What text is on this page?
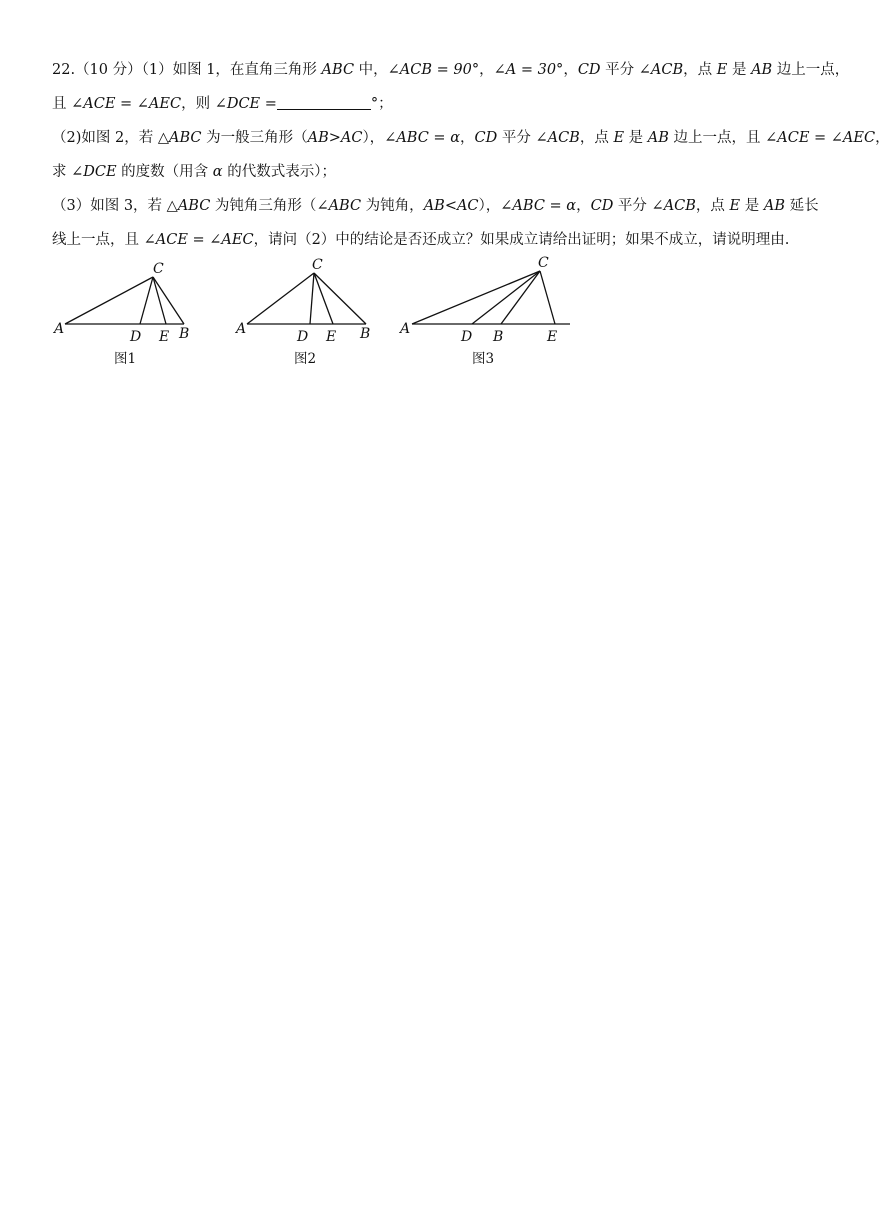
22.（10 分）（1）如图 1，在直角三角形 ABC 中，∠ACB = 90°，∠A = 30°，CD 平分 ∠ACB，点 E 是 AB 边上一点，
且 ∠ACE = ∠AEC，则 ∠DCE =	°；
（2)如图 2，若 △ABC 为一般三角形（AB>AC），∠ABC = α，CD 平分 ∠ACB，点 E 是 AB 边上一点，且 ∠ACE = ∠AEC，
求 ∠DCE 的度数（用含 α 的代数式表示）；
（3）如图 3，若 △ABC 为钝角三角形（∠ABC 为钝角，AB<AC），∠ABC = α，CD 平分 ∠ACB，点 E 是 AB 延长
线上一点，且 ∠ACE = ∠AEC，请问（2）中的结论是否还成立？如果成立请给出证明；如果不成立，请说明理由.
A
C
D E B
图1
A
C
D E B
图2
A
C
D B	E
图3
